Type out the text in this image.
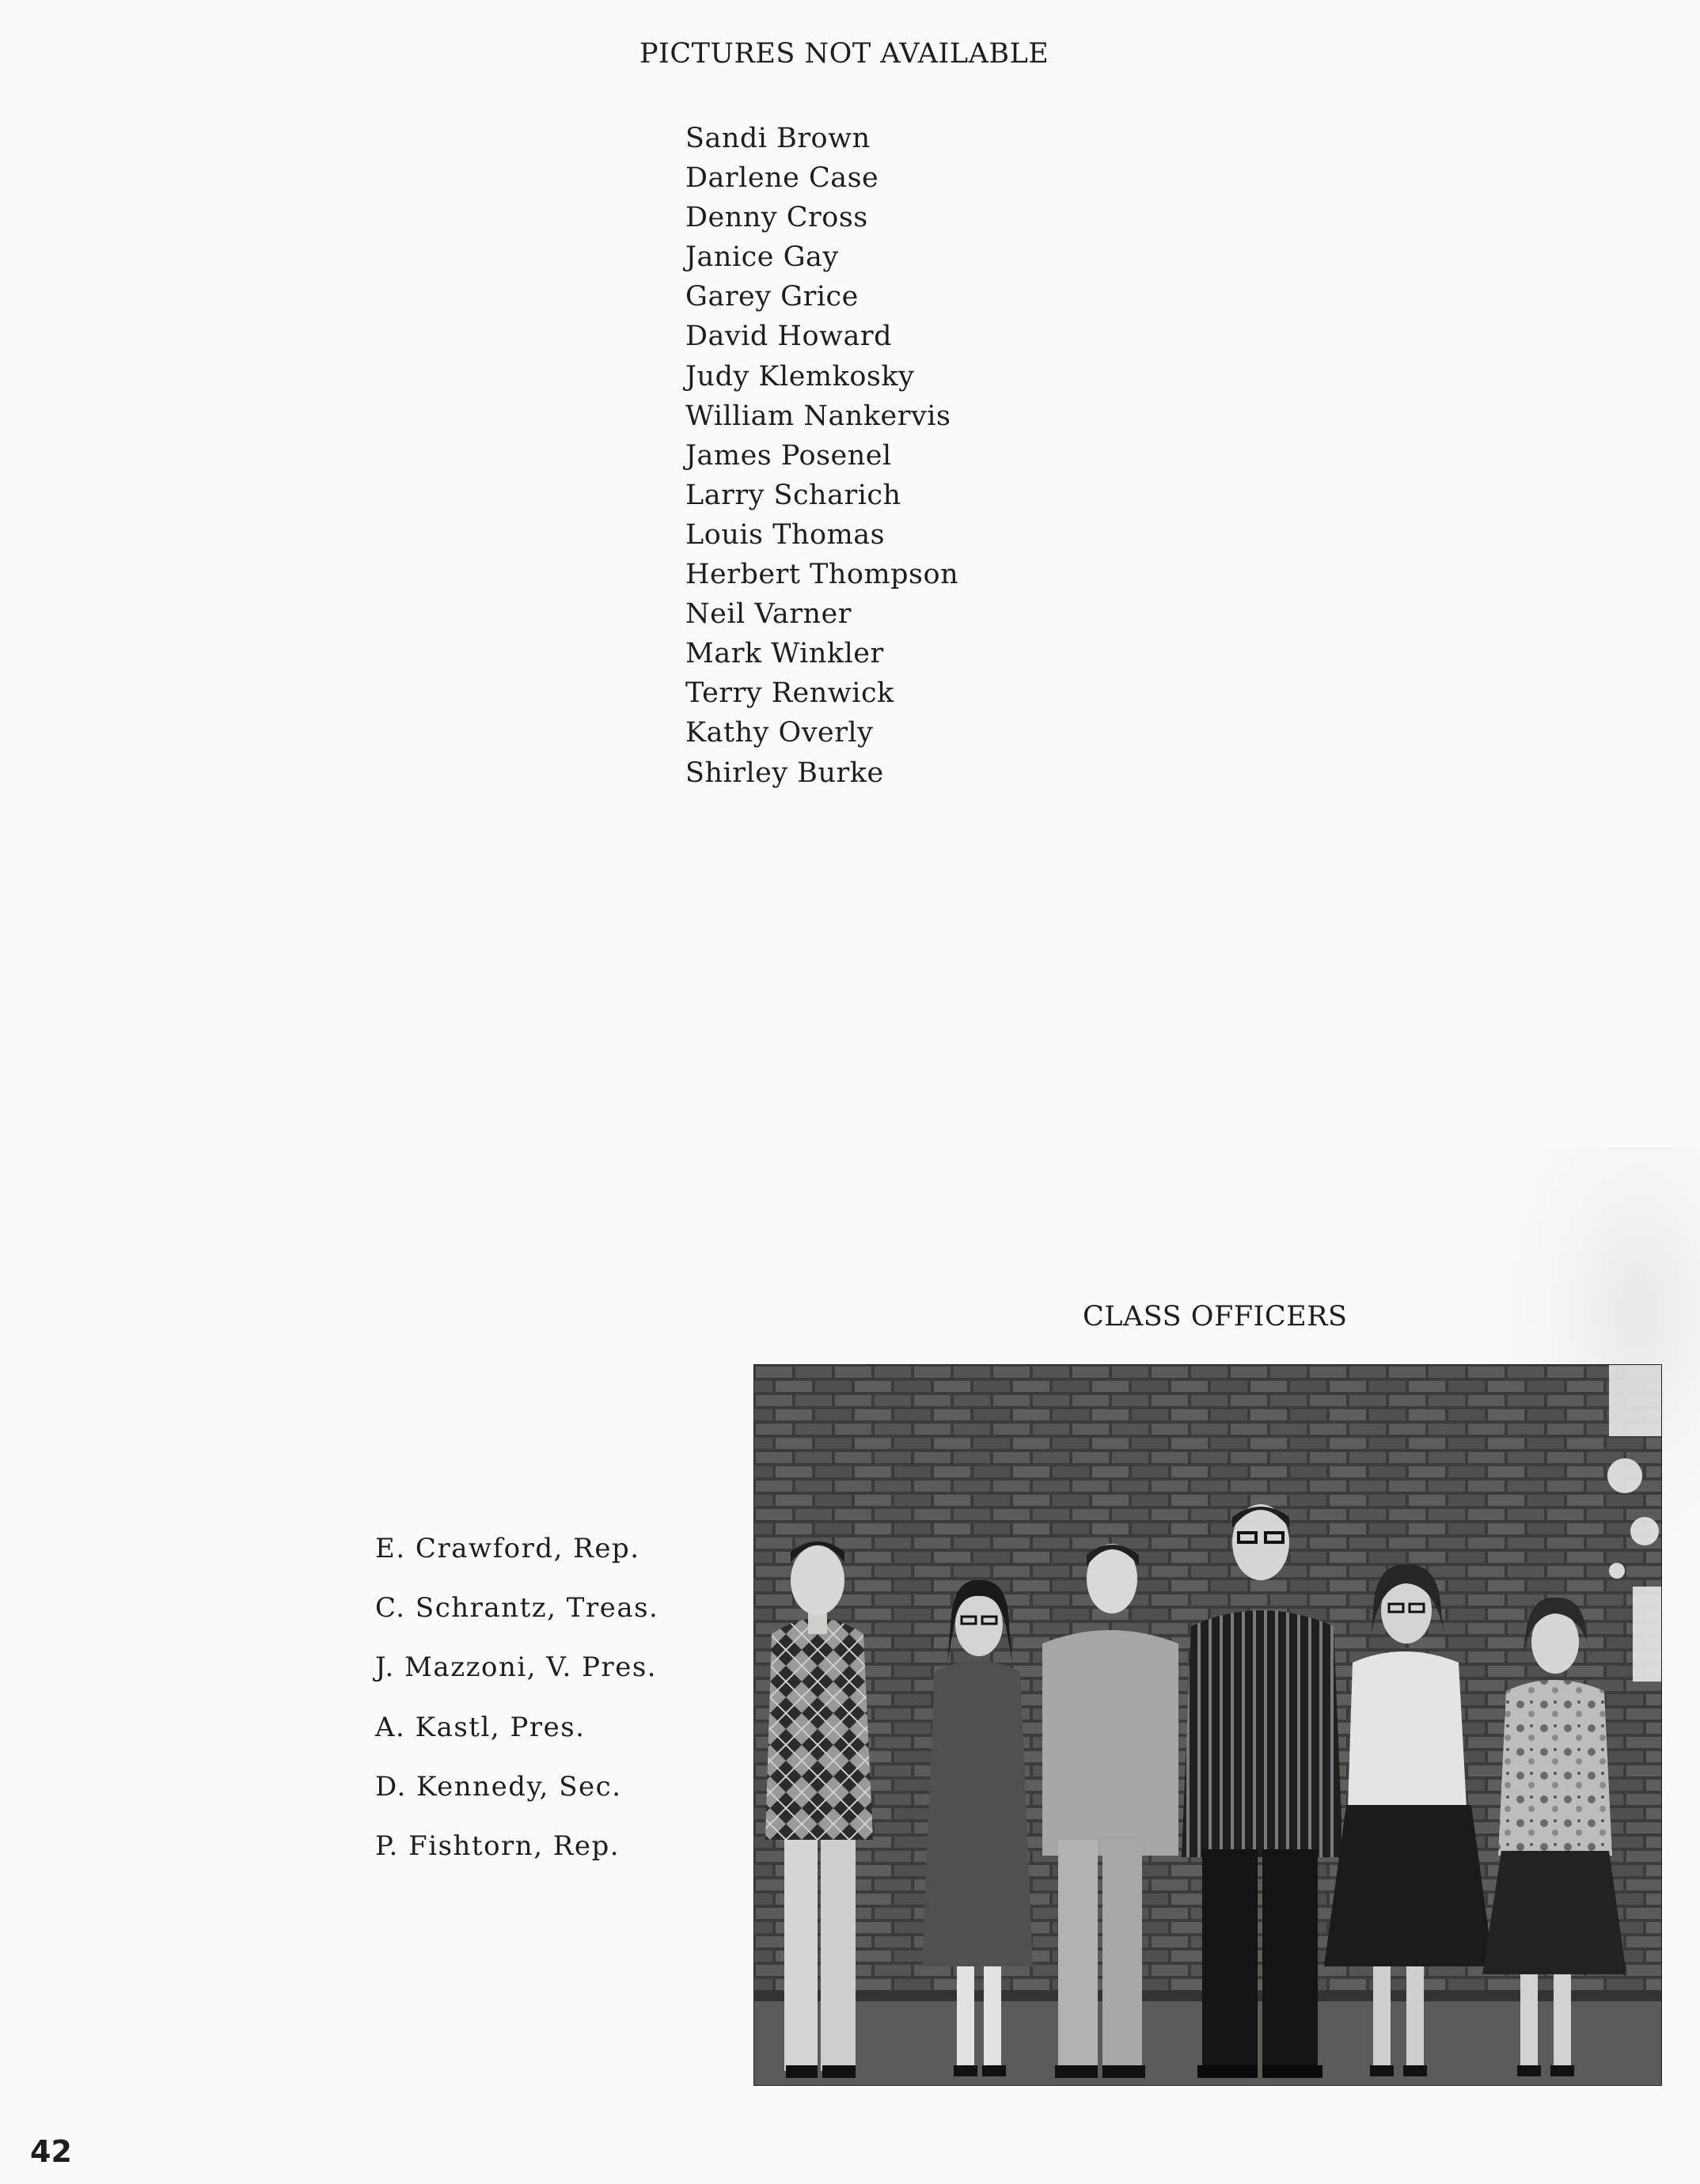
PICTURES NOT AVAILABLE
Sandi Brown
Darlene Case
Denny Cross
Janice Gay
Garey Grice
David Howard
Judy Klemkosky
William Nankervis
James Posenel
Larry Scharich
Louis Thomas
Herbert Thompson
Neil Varner
Mark Winkler
Terry Renwick
Kathy Overly
Shirley Burke
CLASS OFFICERS
E. Crawford, Rep.
C. Schrantz, Treas.
J. Mazzoni, V. Pres.
A. Kastl, Pres.
D. Kennedy, Sec.
P. Fishtorn, Rep.
42
